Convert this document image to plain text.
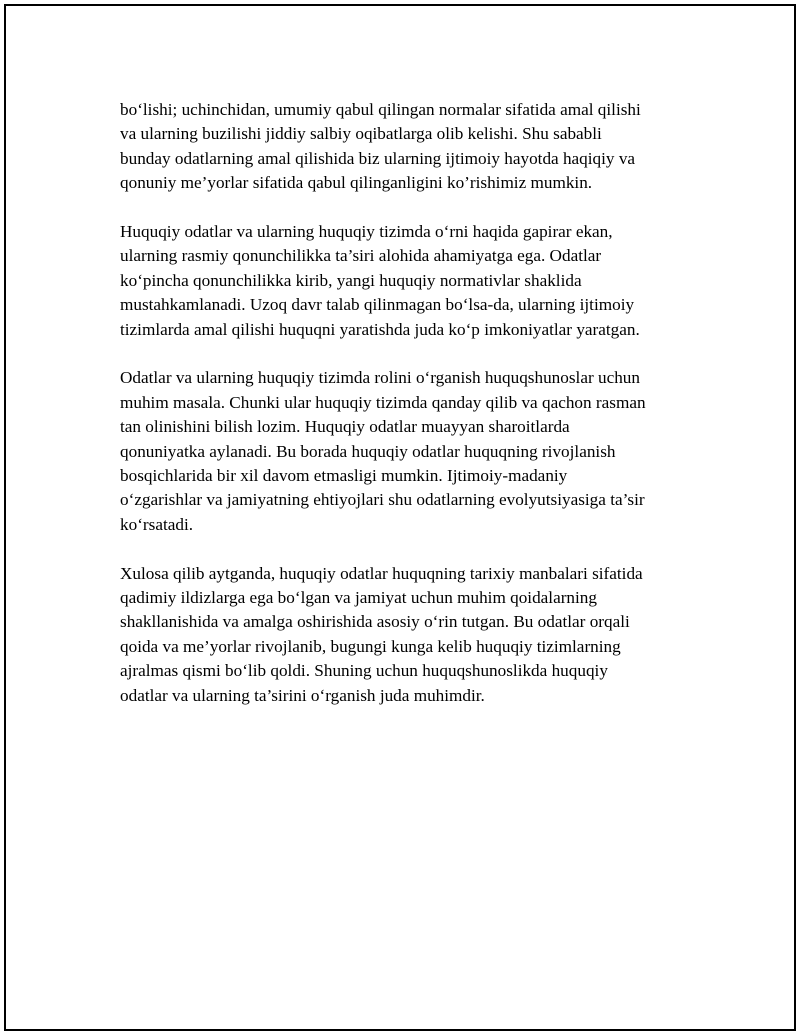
bo‘lishi; uchinchidan, umumiy qabul qilingan normalar sifatida amal qilishi
va ularning buzilishi jiddiy salbiy oqibatlarga olib kelishi. Shu sababli
bunday odatlarning amal qilishida biz ularning ijtimoiy hayotda haqiqiy va
qonuniy me’yorlar sifatida qabul qilinganligini ko’rishimiz mumkin.

Huquqiy odatlar va ularning huquqiy tizimda o‘rni haqida gapirar ekan,
ularning rasmiy qonunchilikka ta’siri alohida ahamiyatga ega. Odatlar
ko‘pincha qonunchilikka kirib, yangi huquqiy normativlar shaklida
mustahkamlanadi. Uzoq davr talab qilinmagan bo‘lsa-da, ularning ijtimoiy
tizimlarda amal qilishi huquqni yaratishda juda ko‘p imkoniyatlar yaratgan.

Odatlar va ularning huquqiy tizimda rolini o‘rganish huquqshunoslar uchun
muhim masala. Chunki ular huquqiy tizimda qanday qilib va qachon rasman
tan olinishini bilish lozim. Huquqiy odatlar muayyan sharoitlarda
qonuniyatka aylanadi. Bu borada huquqiy odatlar huquqning rivojlanish
bosqichlarida bir xil davom etmasligi mumkin. Ijtimoiy-madaniy
o‘zgarishlar va jamiyatning ehtiyojlari shu odatlarning evolyutsiyasiga ta’sir
ko‘rsatadi.

Xulosa qilib aytganda, huquqiy odatlar huquqning tarixiy manbalari sifatida
qadimiy ildizlarga ega bo‘lgan va jamiyat uchun muhim qoidalarning
shakllanishida va amalga oshirishida asosiy o‘rin tutgan. Bu odatlar orqali
qoida va me’yorlar rivojlanib, bugungi kunga kelib huquqiy tizimlarning
ajralmas qismi bo‘lib qoldi. Shuning uchun huquqshunoslikda huquqiy
odatlar va ularning ta’sirini o‘rganish juda muhimdir.
